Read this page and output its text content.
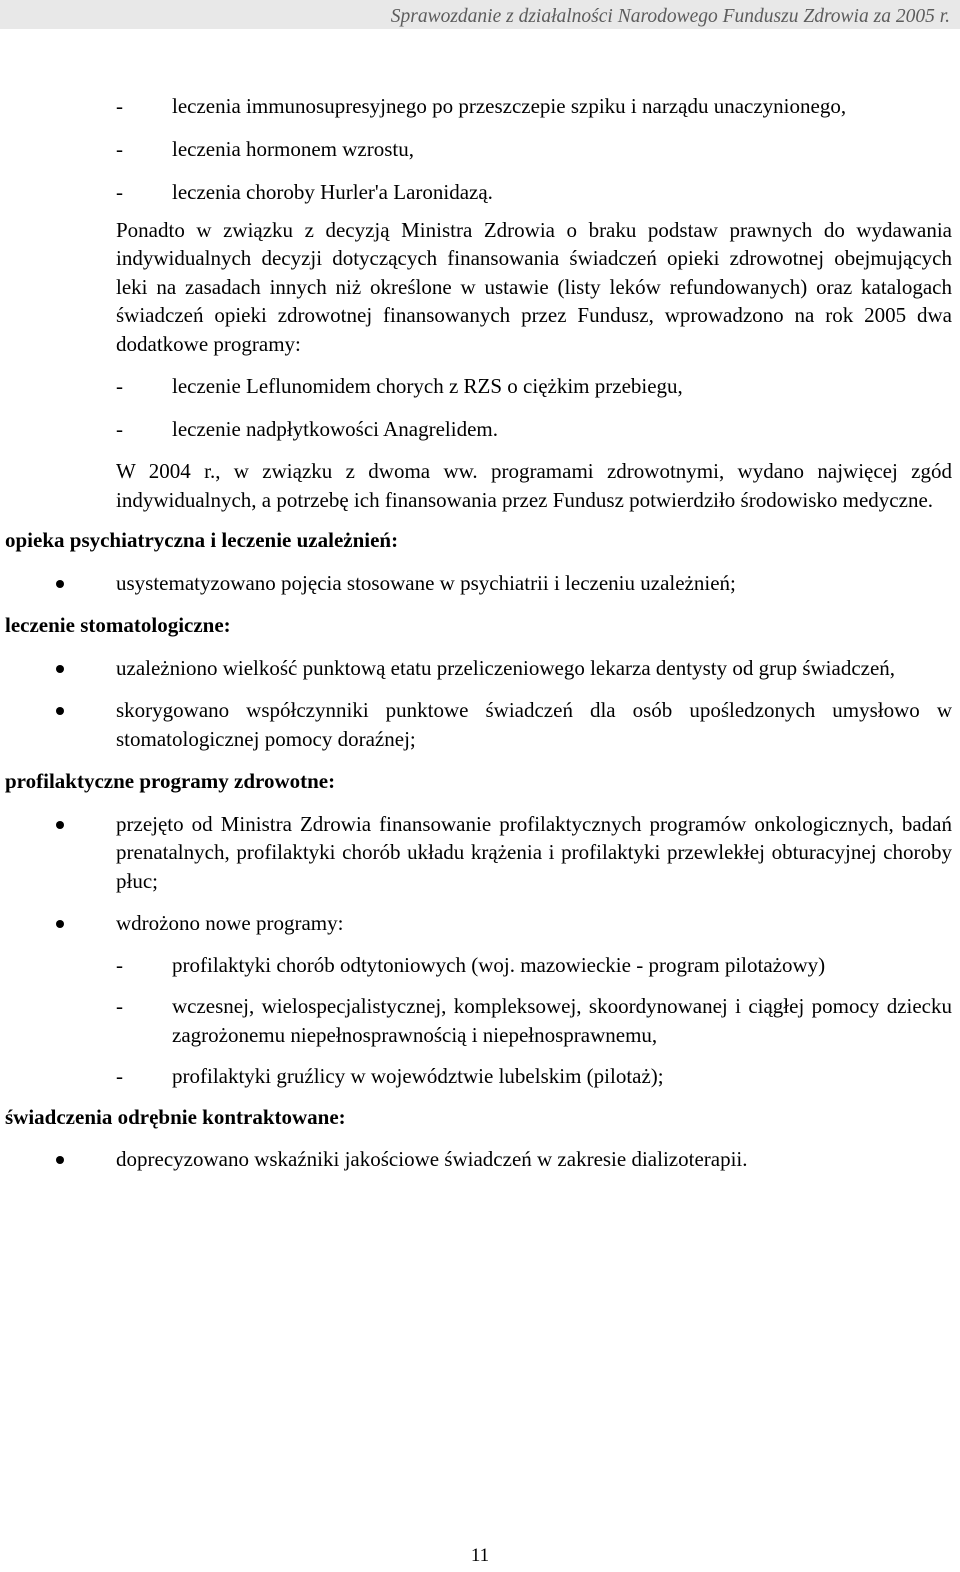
Sprawozdanie z działalności Narodowego Funduszu Zdrowia za 2005 r.
- leczenia immunosupresyjnego po przeszczepie szpiku i narządu unaczynionego,
- leczenia hormonem wzrostu,
- leczenia choroby Hurler'a Laronidazą.
Ponadto w związku z decyzją Ministra Zdrowia o braku podstaw prawnych do wydawania indywidualnych decyzji dotyczących finansowania świadczeń opieki zdrowotnej obejmujących leki na zasadach innych niż określone w ustawie (listy leków refundowanych) oraz katalogach świadczeń opieki zdrowotnej finansowanych przez Fundusz, wprowadzono na rok 2005 dwa dodatkowe programy:
- leczenie Leflunomidem chorych z RZS o ciężkim przebiegu,
- leczenie nadpłytkowości Anagrelidem.
W 2004 r., w związku z dwoma ww. programami zdrowotnymi, wydano najwięcej zgód indywidualnych, a potrzebę ich finansowania przez Fundusz potwierdziło środowisko medyczne.
opieka psychiatryczna i leczenie uzależnień:
usystematyzowano pojęcia stosowane w psychiatrii i leczeniu uzależnień;
leczenie stomatologiczne:
uzależniono wielkość punktową etatu przeliczeniowego lekarza dentysty od grup świadczeń,
skorygowano współczynniki punktowe świadczeń dla osób upośledzonych umysłowo w stomatologicznej pomocy doraźnej;
profilaktyczne programy zdrowotne:
przejęto od Ministra Zdrowia finansowanie profilaktycznych programów onkologicznych, badań prenatalnych, profilaktyki chorób układu krążenia i profilaktyki przewlekłej obturacyjnej choroby płuc;
wdrożono nowe programy:
- profilaktyki chorób odtytoniowych (woj. mazowieckie - program pilotażowy)
- wczesnej, wielospecjalistycznej, kompleksowej, skoordynowanej i ciągłej pomocy dziecku zagrożonemu niepełnosprawnością i niepełnosprawnemu,
- profilaktyki gruźlicy w województwie lubelskim (pilotaż);
świadczenia odrębnie kontraktowane:
doprecyzowano wskaźniki jakościowe świadczeń w zakresie dializoterapii.
11
